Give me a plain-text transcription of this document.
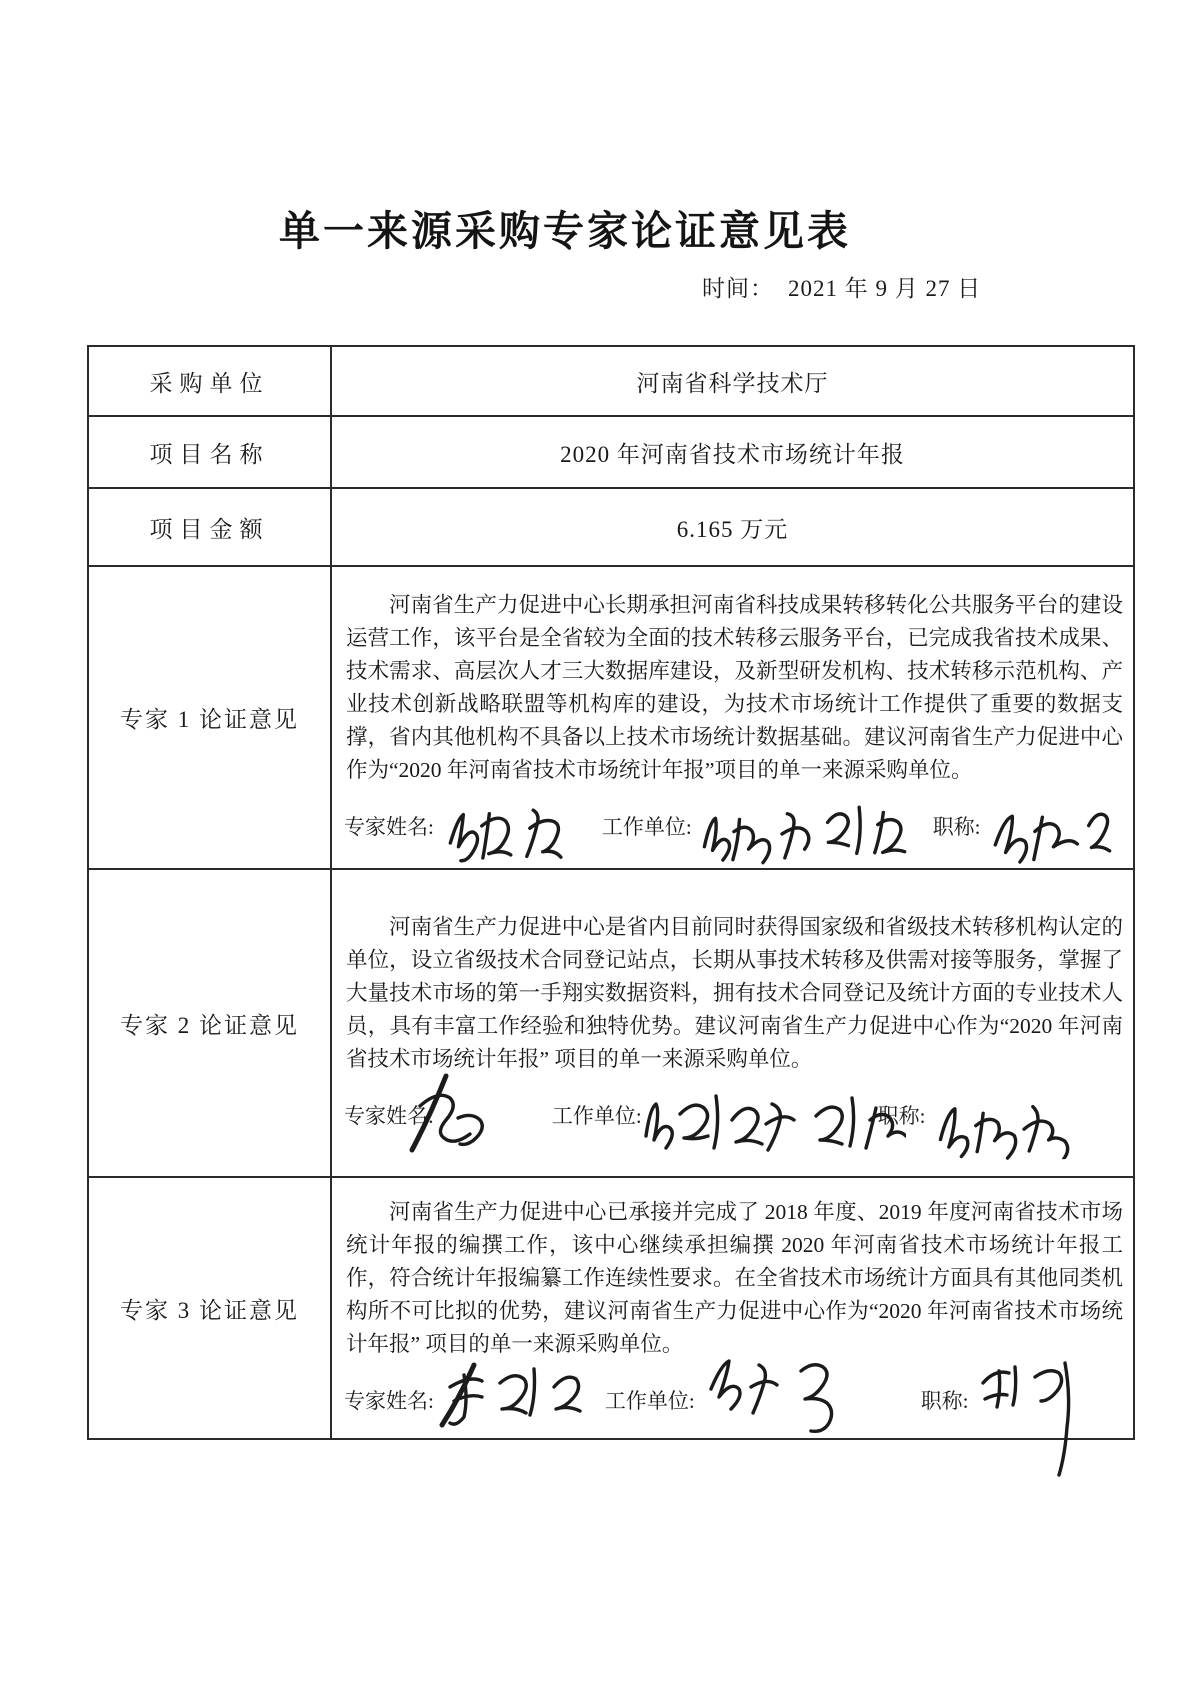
单一来源采购专家论证意见表
时间： 2021 年 9 月 27 日
采购单位	河南省科学技术厅
项目名称	2020 年河南省技术市场统计年报
项目金额	6.165 万元
专家 1 论证意见	河南省生产力促进中心长期承担河南省科技成果转移转化公共服务平台的建设运营工作，该平台是全省较为全面的技术转移云服务平台，已完成我省技术成果、技术需求、高层次人才三大数据库建设，及新型研发机构、技术转移示范机构、产业技术创新战略联盟等机构库的建设，为技术市场统计工作提供了重要的数据支撑，省内其他机构不具备以上技术市场统计数据基础。建议河南省生产力促进中心作为“2020 年河南省技术市场统计年报”项目的单一来源采购单位。

专家姓名: 工作单位: 职称:

专家 2 论证意见	河南省生产力促进中心是省内目前同时获得国家级和省级技术转移机构认定的单位，设立省级技术合同登记站点，长期从事技术转移及供需对接等服务，掌握了大量技术市场的第一手翔实数据资料，拥有技术合同登记及统计方面的专业技术人员，具有丰富工作经验和独特优势。建议河南省生产力促进中心作为“2020 年河南省技术市场统计年报” 项目的单一来源采购单位。

专家姓名: 工作单位: 职称:

专家 3 论证意见	河南省生产力促进中心已承接并完成了 2018 年度、2019 年度河南省技术市场统计年报的编撰工作，该中心继续承担编撰 2020 年河南省技术市场统计年报工作，符合统计年报编纂工作连续性要求。在全省技术市场统计方面具有其他同类机构所不可比拟的优势，建议河南省生产力促进中心作为“2020 年河南省技术市场统计年报” 项目的单一来源采购单位。

专家姓名: 工作单位: 职称:
